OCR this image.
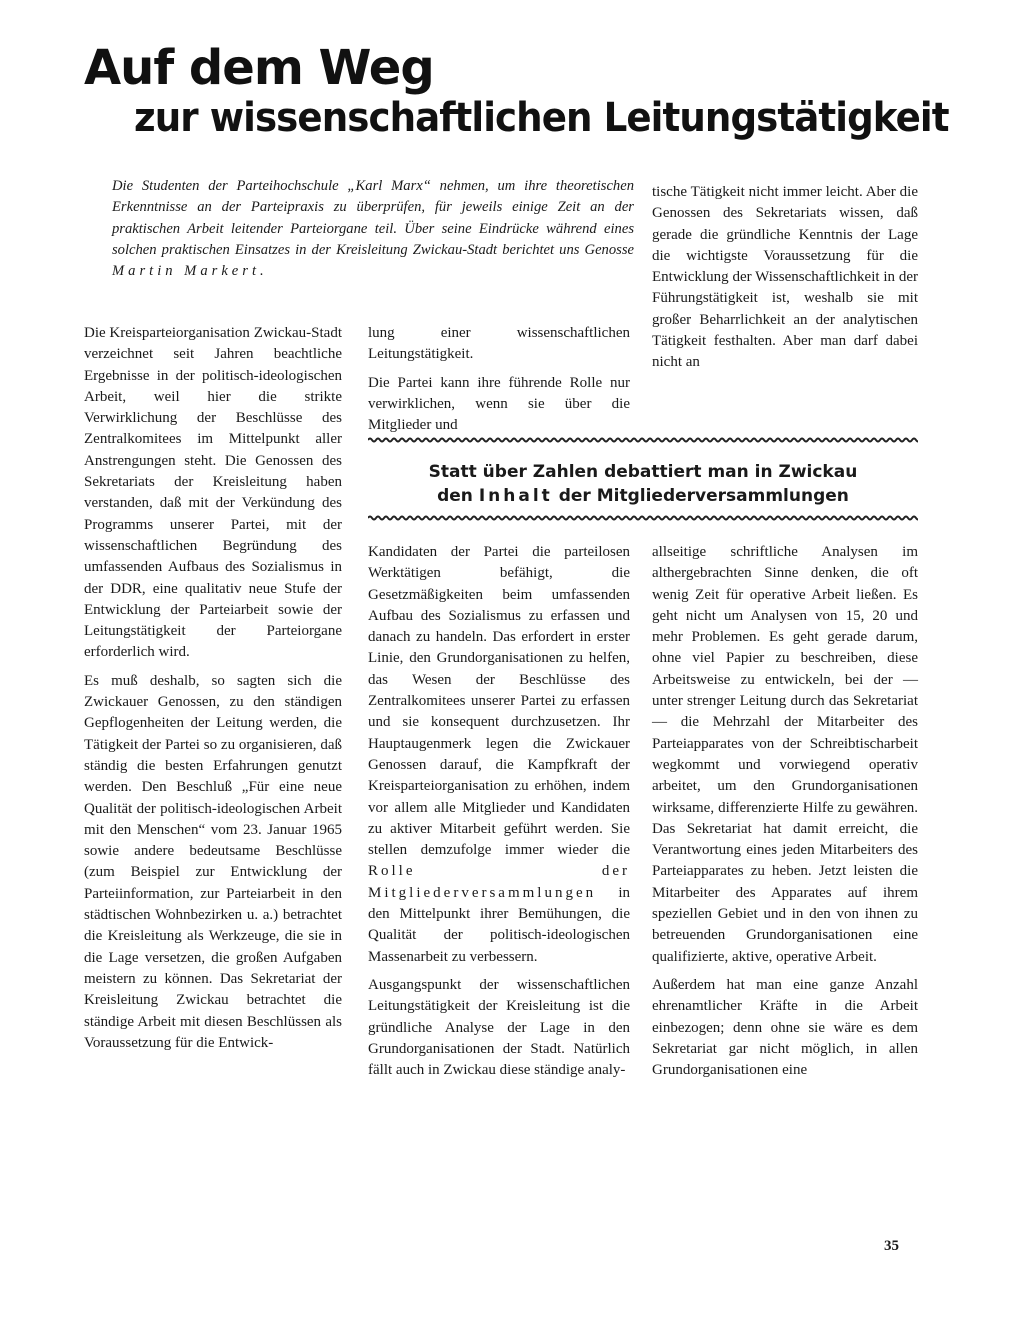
Auf dem Weg
zur wissenschaftlichen Leitungstätigkeit

Die Studenten der Parteihochschule „Karl Marx“ nehmen, um ihre theoretischen Erkenntnisse an der Parteipraxis zu überprüfen, für jeweils einige Zeit an der praktischen Arbeit leitender Parteiorgane teil. Über seine Eindrücke während eines solchen praktischen Einsatzes in der Kreisleitung Zwickau-Stadt berichtet uns Genosse Martin Markert.

Die Kreisparteiorganisation Zwickau-Stadt verzeichnet seit Jahren beachtliche Ergebnisse in der politisch-ideologischen Arbeit, weil hier die strikte Verwirklichung der Beschlüsse des Zentralkomitees im Mittelpunkt aller Anstrengungen steht. Die Genossen des Sekretariats der Kreisleitung haben verstanden, daß mit der Verkündung des Programms unserer Partei, mit der wissenschaftlichen Begründung des umfassenden Aufbaus des Sozialismus in der DDR, eine qualitativ neue Stufe der Entwicklung der Parteiarbeit sowie der Leitungstätigkeit der Parteiorgane erforderlich wird.

Es muß deshalb, so sagten sich die Zwickauer Genossen, zu den ständigen Gepflogenheiten der Leitung werden, die Tätigkeit der Partei so zu organisieren, daß ständig die besten Erfahrungen genutzt werden. Den Beschluß „Für eine neue Qualität der politisch-ideologischen Arbeit mit den Menschen“ vom 23. Januar 1965 sowie andere bedeutsame Beschlüsse (zum Beispiel zur Entwicklung der Parteiinformation, zur Parteiarbeit in den städtischen Wohnbezirken u. a.) betrachtet die Kreisleitung als Werkzeuge, die sie in die Lage versetzen, die großen Aufgaben meistern zu können. Das Sekretariat der Kreisleitung Zwickau betrachtet die ständige Arbeit mit diesen Beschlüssen als Voraussetzung für die Entwick-

lung einer wissenschaftlichen Leitungstätigkeit.

Die Partei kann ihre führende Rolle nur verwirklichen, wenn sie über die Mitglieder und

tische Tätigkeit nicht immer leicht. Aber die Genossen des Sekretariats wissen, daß gerade die gründliche Kenntnis der Lage die wichtigste Voraussetzung für die Entwicklung der Wissenschaftlichkeit in der Führungstätigkeit ist, weshalb sie mit großer Beharrlichkeit an der analytischen Tätigkeit festhalten. Aber man darf dabei nicht an

Statt über Zahlen debattiert man in Zwickau
den Inhalt der Mitgliederversammlungen

Kandidaten der Partei die parteilosen Werktätigen befähigt, die Gesetzmäßigkeiten beim umfassenden Aufbau des Sozialismus zu erfassen und danach zu handeln. Das erfordert in erster Linie, den Grundorganisationen zu helfen, das Wesen der Beschlüsse des Zentralkomitees unserer Partei zu erfassen und sie konsequent durchzusetzen. Ihr Hauptaugenmerk legen die Zwickauer Genossen darauf, die Kampfkraft der Kreisparteiorganisation zu erhöhen, indem vor allem alle Mitglieder und Kandidaten zu aktiver Mitarbeit geführt werden. Sie stellen demzufolge immer wieder die Rolle der Mitgliederversammlungen in den Mittelpunkt ihrer Bemühungen, die Qualität der politisch-ideologischen Massenarbeit zu verbessern.

Ausgangspunkt der wissenschaftlichen Leitungstätigkeit der Kreisleitung ist die gründliche Analyse der Lage in den Grundorganisationen der Stadt. Natürlich fällt auch in Zwickau diese ständige analy-

allseitige schriftliche Analysen im althergebrachten Sinne denken, die oft wenig Zeit für operative Arbeit ließen. Es geht nicht um Analysen von 15, 20 und mehr Problemen. Es geht gerade darum, ohne viel Papier zu beschreiben, diese Arbeitsweise zu entwickeln, bei der — unter strenger Leitung durch das Sekretariat — die Mehrzahl der Mitarbeiter des Parteiapparates von der Schreibtischarbeit wegkommt und vorwiegend operativ arbeitet, um den Grundorganisationen wirksame, differenzierte Hilfe zu gewähren. Das Sekretariat hat damit erreicht, die Verantwortung eines jeden Mitarbeiters des Parteiapparates zu heben. Jetzt leisten die Mitarbeiter des Apparates auf ihrem speziellen Gebiet und in den von ihnen zu betreuenden Grundorganisationen eine qualifizierte, aktive, operative Arbeit.

Außerdem hat man eine ganze Anzahl ehrenamtlicher Kräfte in die Arbeit einbezogen; denn ohne sie wäre es dem Sekretariat gar nicht möglich, in allen Grundorganisationen eine

35
